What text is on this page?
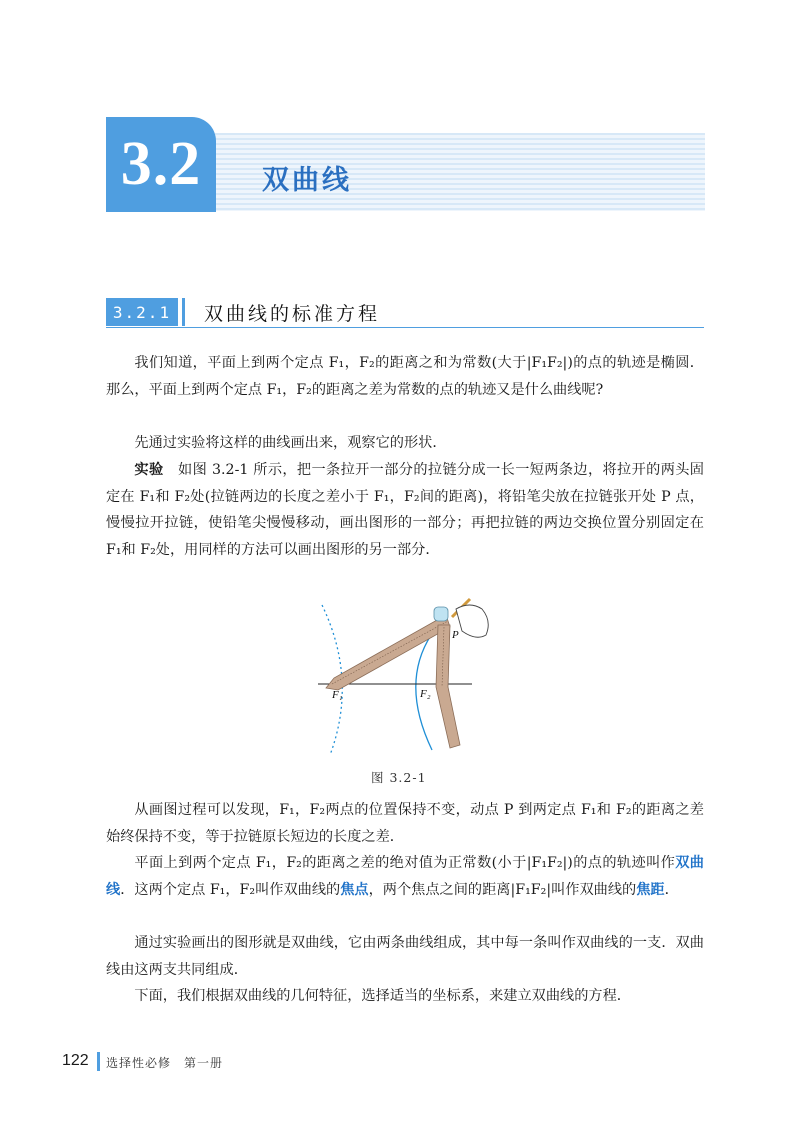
3.2	双曲线
3.2.1	双曲线的标准方程
我们知道，平面上到两个定点 F₁，F₂的距离之和为常数(大于|F₁F₂|)的点的轨迹是椭圆．那么，平面上到两个定点 F₁，F₂的距离之差为常数的点的轨迹又是什么曲线呢?
先通过实验将这样的曲线画出来，观察它的形状．
实验　如图 3.2-1 所示，把一条拉开一部分的拉链分成一长一短两条边，将拉开的两头固定在 F₁和 F₂处(拉链两边的长度之差小于 F₁，F₂间的距离)，将铅笔尖放在拉链张开处 P 点，慢慢拉开拉链，使铅笔尖慢慢移动，画出图形的一部分；再把拉链的两边交换位置分别固定在 F₁和 F₂处，用同样的方法可以画出图形的另一部分．
F₁	F₂
P
图 3.2-1
从画图过程可以发现，F₁，F₂两点的位置保持不变，动点 P 到两定点 F₁和 F₂的距离之差始终保持不变，等于拉链原长短边的长度之差．
平面上到两个定点 F₁，F₂的距离之差的绝对值为正常数(小于|F₁F₂|)的点的轨迹叫作双曲线．这两个定点 F₁，F₂叫作双曲线的焦点，两个焦点之间的距离|F₁F₂|叫作双曲线的焦距．
通过实验画出的图形就是双曲线，它由两条曲线组成，其中每一条叫作双曲线的一支．双曲线由这两支共同组成．
下面，我们根据双曲线的几何特征，选择适当的坐标系，来建立双曲线的方程．
122 选择性必修　第一册
